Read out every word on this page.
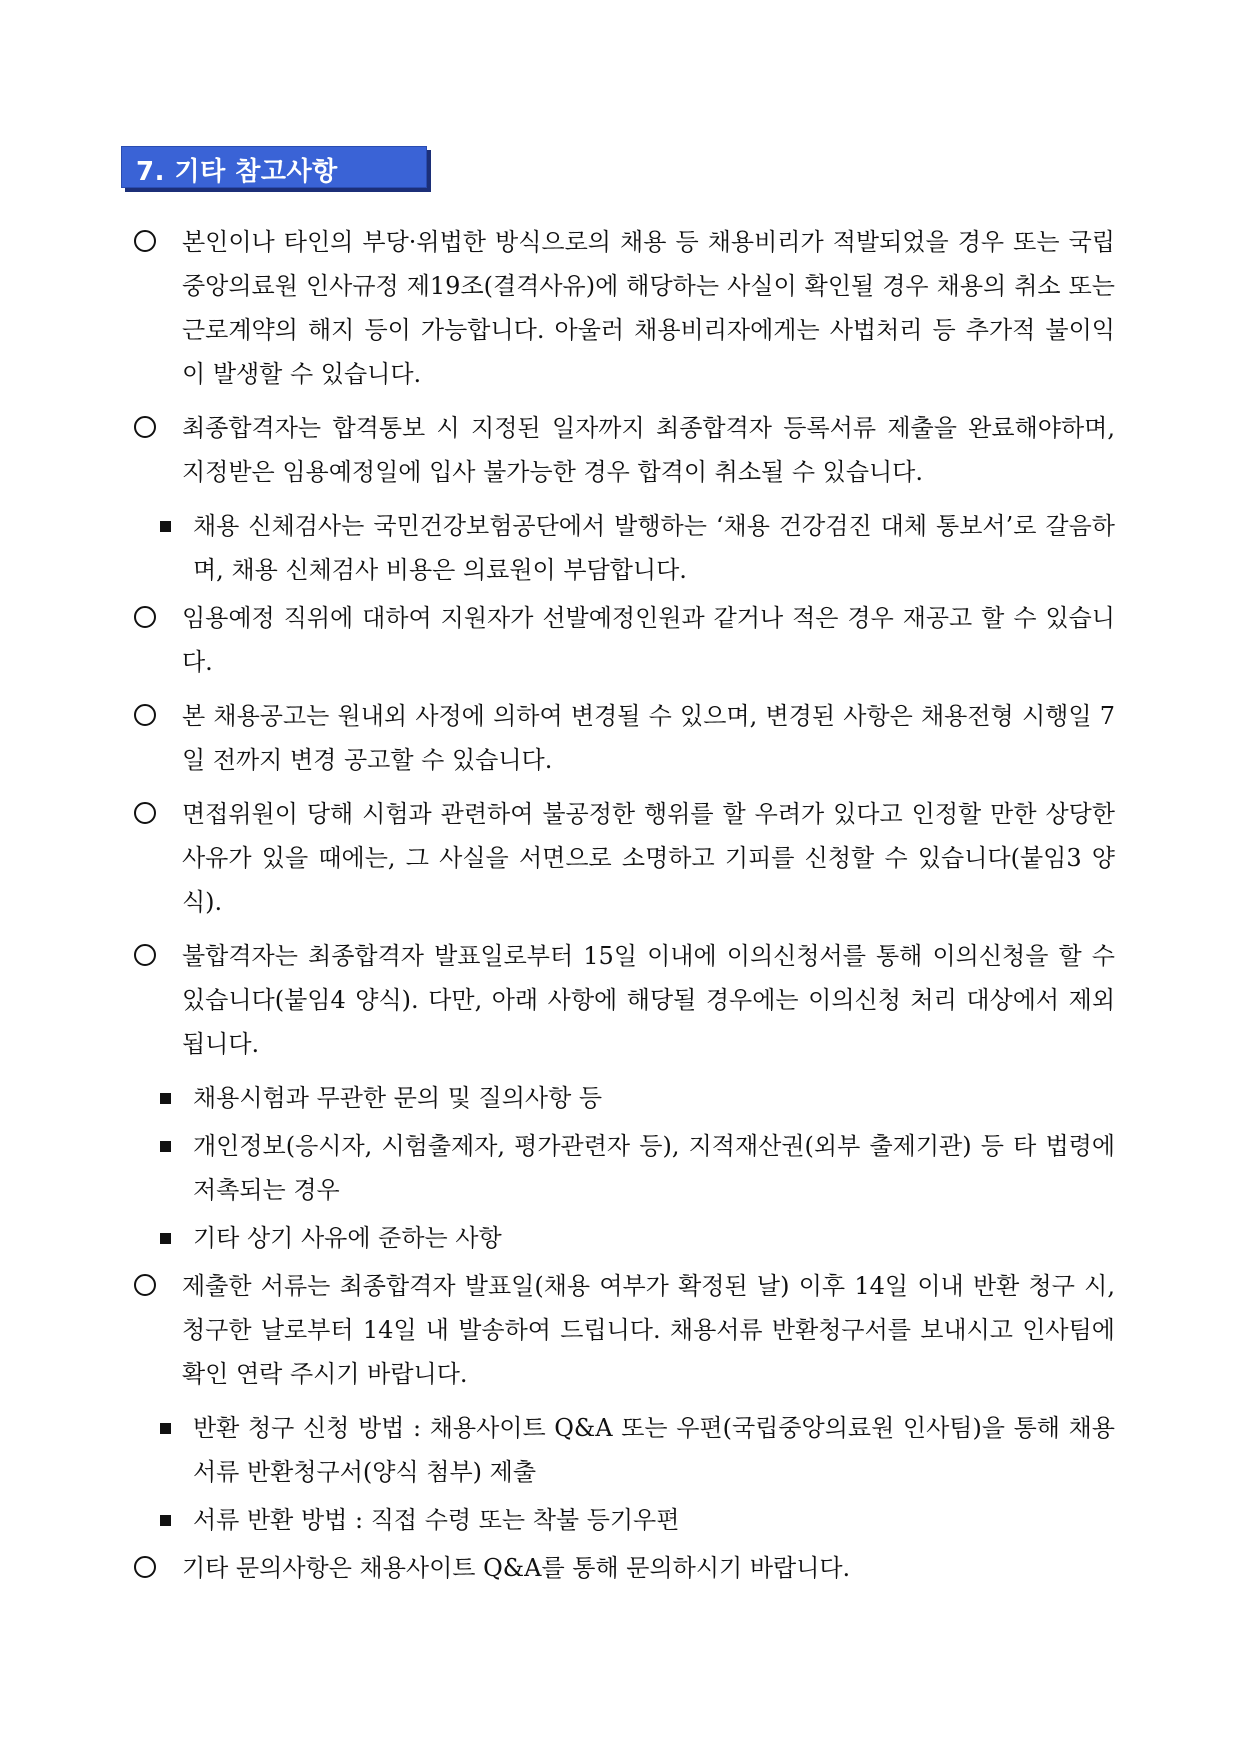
7. 기타 참고사항
본인이나 타인의 부당·위법한 방식으로의 채용 등 채용비리가 적발되었을 경우 또는 국립중앙의료원 인사규정 제19조(결격사유)에 해당하는 사실이 확인될 경우 채용의 취소 또는 근로계약의 해지 등이 가능합니다. 아울러 채용비리자에게는 사법처리 등 추가적 불이익이 발생할 수 있습니다.
최종합격자는 합격통보 시 지정된 일자까지 최종합격자 등록서류 제출을 완료해야하며, 지정받은 임용예정일에 입사 불가능한 경우 합격이 취소될 수 있습니다.
채용 신체검사는 국민건강보험공단에서 발행하는 ‘채용 건강검진 대체 통보서’로 갈음하며, 채용 신체검사 비용은 의료원이 부담합니다.
임용예정 직위에 대하여 지원자가 선발예정인원과 같거나 적은 경우 재공고 할 수 있습니다.
본 채용공고는 원내외 사정에 의하여 변경될 수 있으며, 변경된 사항은 채용전형 시행일 7일 전까지 변경 공고할 수 있습니다.
면접위원이 당해 시험과 관련하여 불공정한 행위를 할 우려가 있다고 인정할 만한 상당한 사유가 있을 때에는, 그 사실을 서면으로 소명하고 기피를 신청할 수 있습니다(붙임3 양식).
불합격자는 최종합격자 발표일로부터 15일 이내에 이의신청서를 통해 이의신청을 할 수 있습니다(붙임4 양식). 다만, 아래 사항에 해당될 경우에는 이의신청 처리 대상에서 제외됩니다.
채용시험과 무관한 문의 및 질의사항 등
개인정보(응시자, 시험출제자, 평가관련자 등), 지적재산권(외부 출제기관) 등 타 법령에 저촉되는 경우
기타 상기 사유에 준하는 사항
제출한 서류는 최종합격자 발표일(채용 여부가 확정된 날) 이후 14일 이내 반환 청구 시, 청구한 날로부터 14일 내 발송하여 드립니다. 채용서류 반환청구서를 보내시고 인사팀에 확인 연락 주시기 바랍니다.
반환 청구 신청 방법 : 채용사이트 Q&A 또는 우편(국립중앙의료원 인사팀)을 통해 채용서류 반환청구서(양식 첨부) 제출
서류 반환 방법 : 직접 수령 또는 착불 등기우편
기타 문의사항은 채용사이트 Q&A를 통해 문의하시기 바랍니다.
